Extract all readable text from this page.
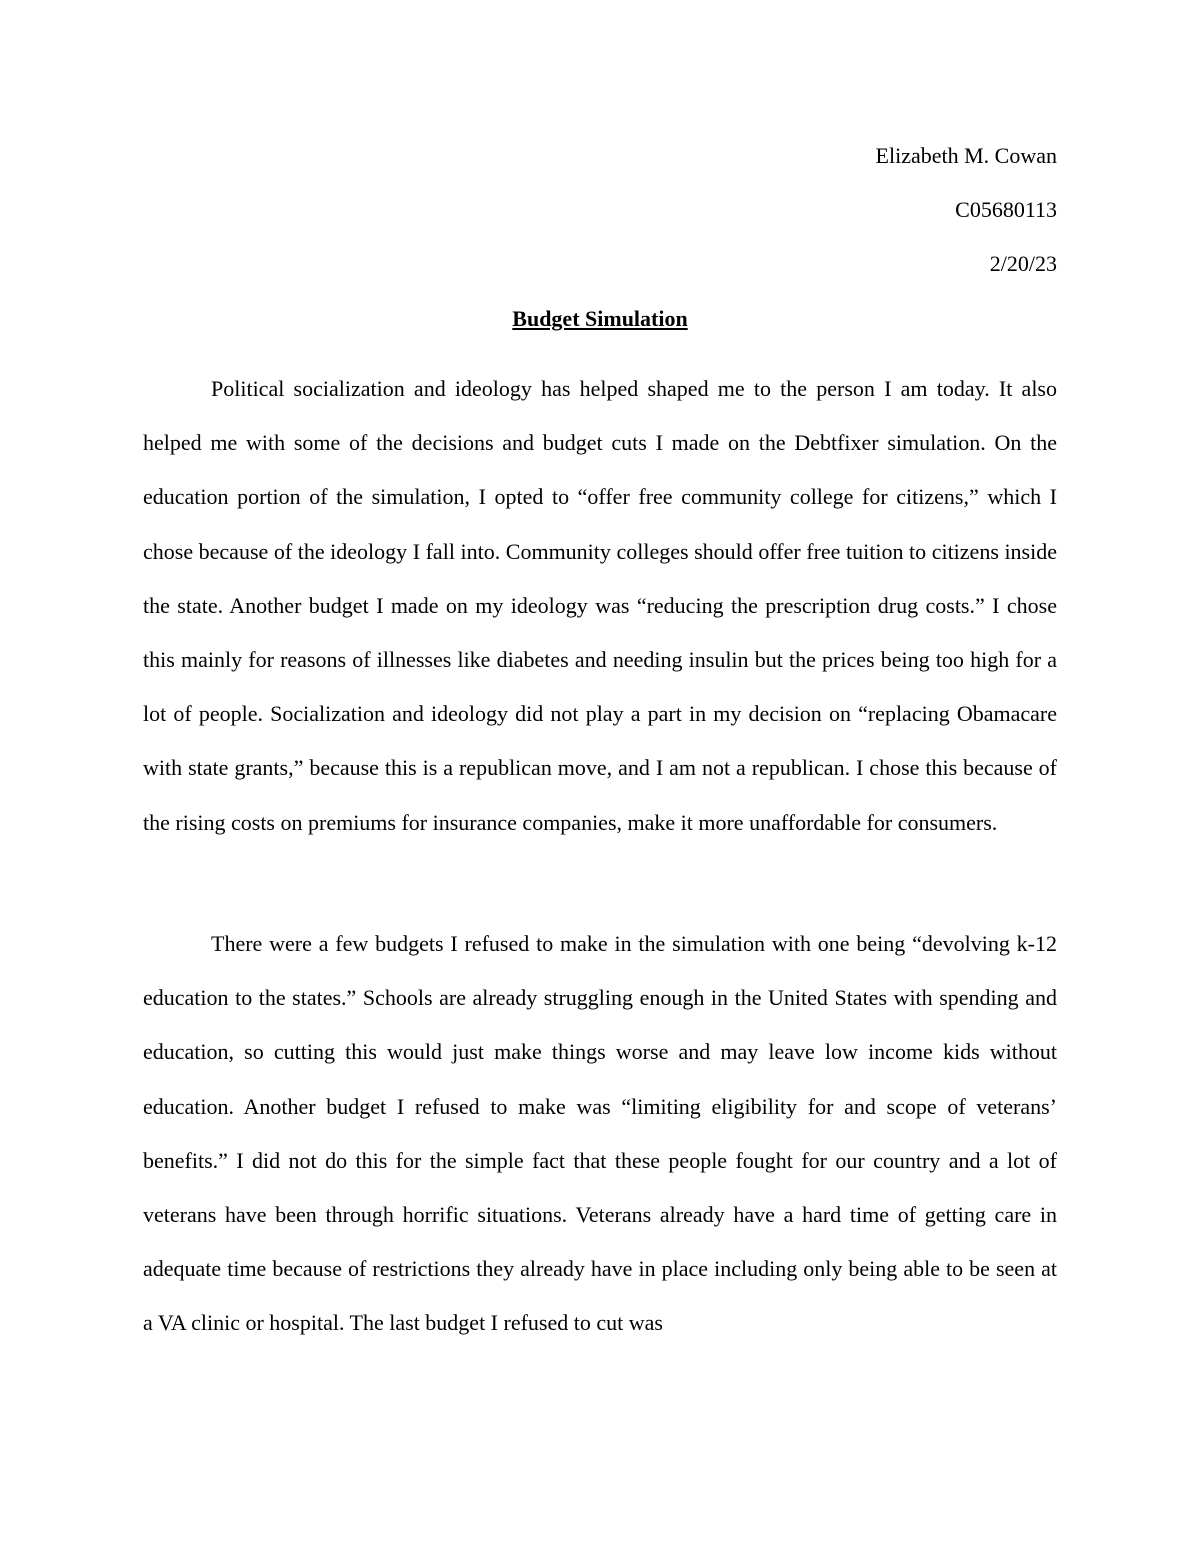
Elizabeth M. Cowan
C05680113
2/20/23
Budget Simulation

Political socialization and ideology has helped shaped me to the person I am today. It also helped me with some of the decisions and budget cuts I made on the Debtfixer simulation. On the education portion of the simulation, I opted to “offer free community college for citizens,” which I chose because of the ideology I fall into. Community colleges should offer free tuition to citizens inside the state. Another budget I made on my ideology was “reducing the prescription drug costs.” I chose this mainly for reasons of illnesses like diabetes and needing insulin but the prices being too high for a lot of people. Socialization and ideology did not play a part in my decision on “replacing Obamacare with state grants,” because this is a republican move, and I am not a republican. I chose this because of the rising costs on premiums for insurance companies, make it more unaffordable for consumers.

There were a few budgets I refused to make in the simulation with one being “devolving k-12 education to the states.” Schools are already struggling enough in the United States with spending and education, so cutting this would just make things worse and may leave low income kids without education. Another budget I refused to make was “limiting eligibility for and scope of veterans’ benefits.” I did not do this for the simple fact that these people fought for our country and a lot of veterans have been through horrific situations. Veterans already have a hard time of getting care in adequate time because of restrictions they already have in place including only being able to be seen at a VA clinic or hospital. The last budget I refused to cut was
